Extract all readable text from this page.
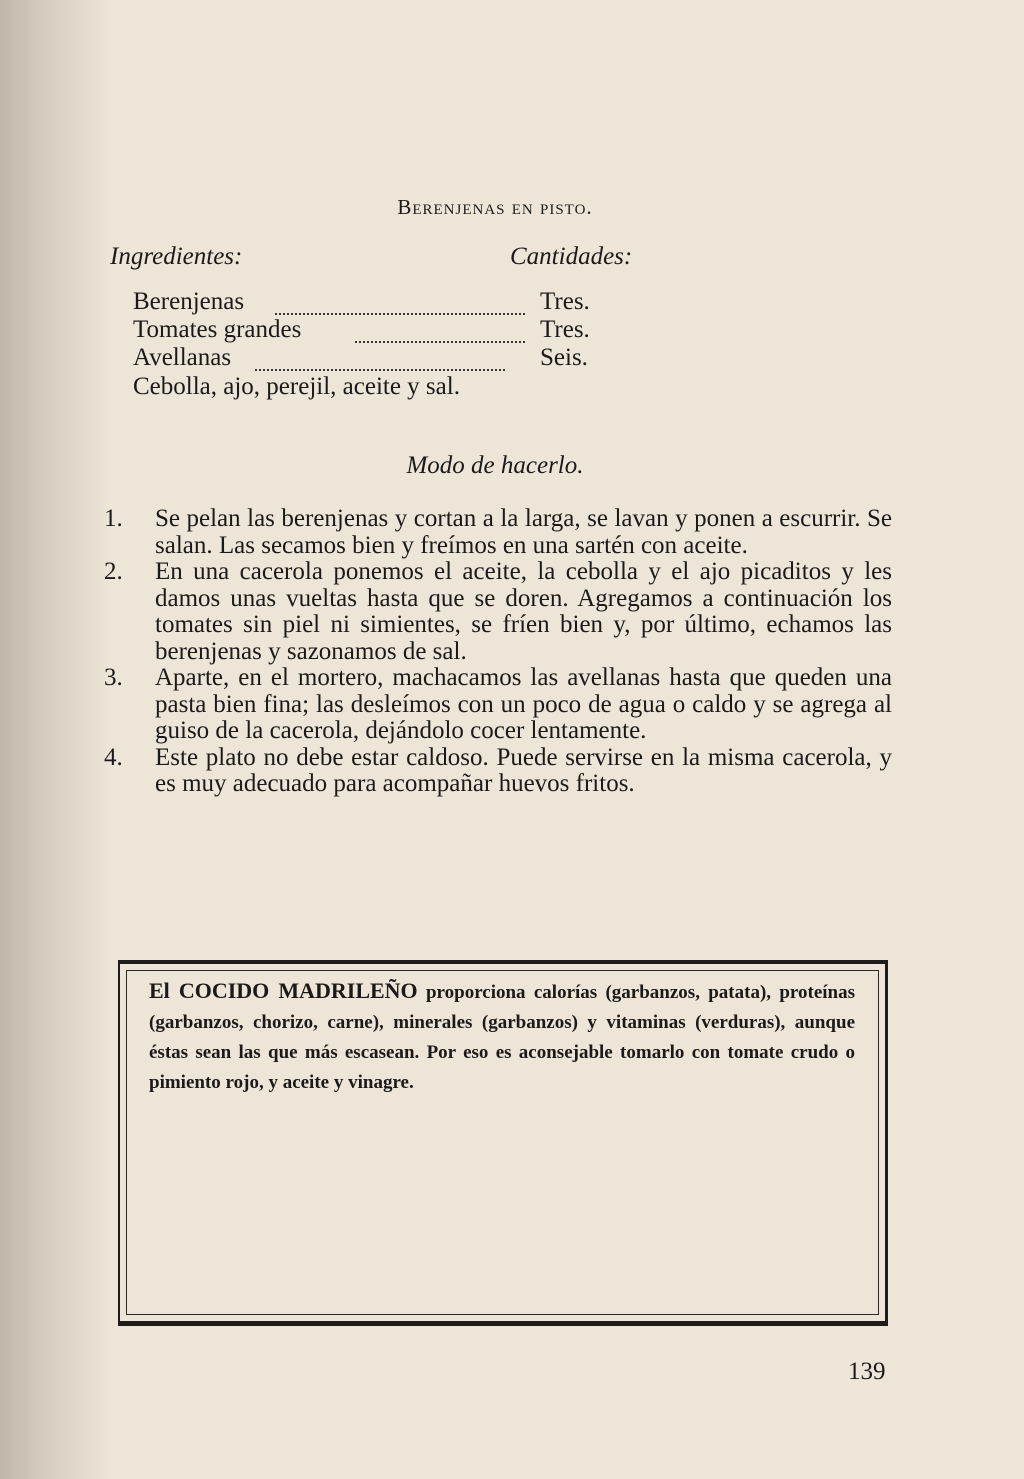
Berenjenas en pisto.
Ingredientes:	Cantidades:
Berenjenas	Tres.
Tomates grandes	Tres.
Avellanas	Seis.
Cebolla, ajo, perejil, aceite y sal.
Modo de hacerlo.
1. Se pelan las berenjenas y cortan a la larga, se lavan y ponen a escurrir. Se salan. Las secamos bien y freímos en una sartén con aceite.
2. En una cacerola ponemos el aceite, la cebolla y el ajo picaditos y les damos unas vueltas hasta que se doren. Agregamos a continuación los tomates sin piel ni simientes, se fríen bien y, por último, echamos las berenjenas y sazonamos de sal.
3. Aparte, en el mortero, machacamos las avellanas hasta que queden una pasta bien fina; las desleímos con un poco de agua o caldo y se agrega al guiso de la cacerola, dejándolo cocer lentamente.
4. Este plato no debe estar caldoso. Puede servirse en la misma cacerola, y es muy adecuado para acompañar huevos fritos.
El COCIDO MADRILEÑO proporciona calorías (garbanzos, patata), proteínas (garbanzos, chorizo, carne), minerales (garbanzos) y vitaminas (verduras), aunque éstas sean las que más escasean. Por eso es aconsejable tomarlo con tomate crudo o pimiento rojo, y aceite y vinagre.
139
